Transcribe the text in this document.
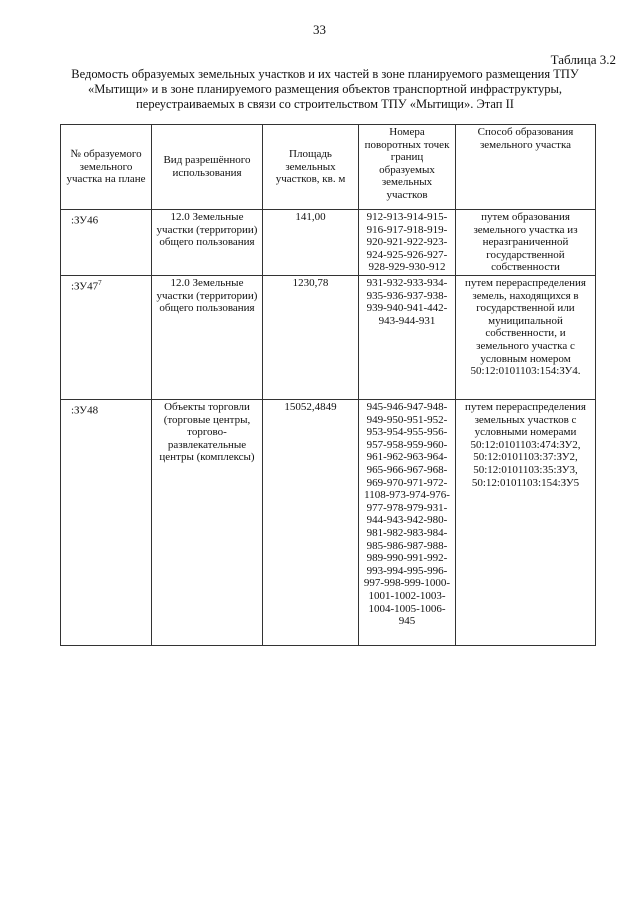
33
Таблица 3.2
Ведомость образуемых земельных участков и их частей в зоне планируемого размещения ТПУ «Мытищи» и в зоне планируемого размещения объектов транспортной инфраструктуры, переустраиваемых в связи со строительством ТПУ «Мытищи». Этап II
№ образуемого земельного участка на плане	Вид разрешённого использования	Площадь земельных участков, кв. м	Номера поворотных точек границ образуемых земельных участков	Способ образования земельного участка
:ЗУ46	12.0 Земельные участки (территории) общего пользования	141,00	912-913-914-915-916-917-918-919-920-921-922-923-924-925-926-927-928-929-930-912	путем образования земельного участка из неразграниченной государственной собственности
$:ЗУ47^7$	12.0 Земельные участки (территории) общего пользования	1230,78	931-932-933-934-935-936-937-938-939-940-941-442-943-944-931	путем перераспределения земель, находящихся в государственной или муниципальной собственности, и земельного участка с условным номером 50:12:0101103:154:ЗУ4.
:ЗУ48	Объекты торговли (торговые центры, торгово-развлекательные центры (комплексы)	15052,4849	945-946-947-948-949-950-951-952-953-954-955-956-957-958-959-960-961-962-963-964-965-966-967-968-969-970-971-972-1108-973-974-976-977-978-979-931-944-943-942-980-981-982-983-984-985-986-987-988-989-990-991-992-993-994-995-996-997-998-999-1000-1001-1002-1003-1004-1005-1006-945	путем перераспределения земельных участков с условными номерами 50:12:0101103:474:ЗУ2, 50:12:0101103:37:ЗУ2, 50:12:0101103:35:ЗУ3, 50:12:0101103:154:ЗУ5
